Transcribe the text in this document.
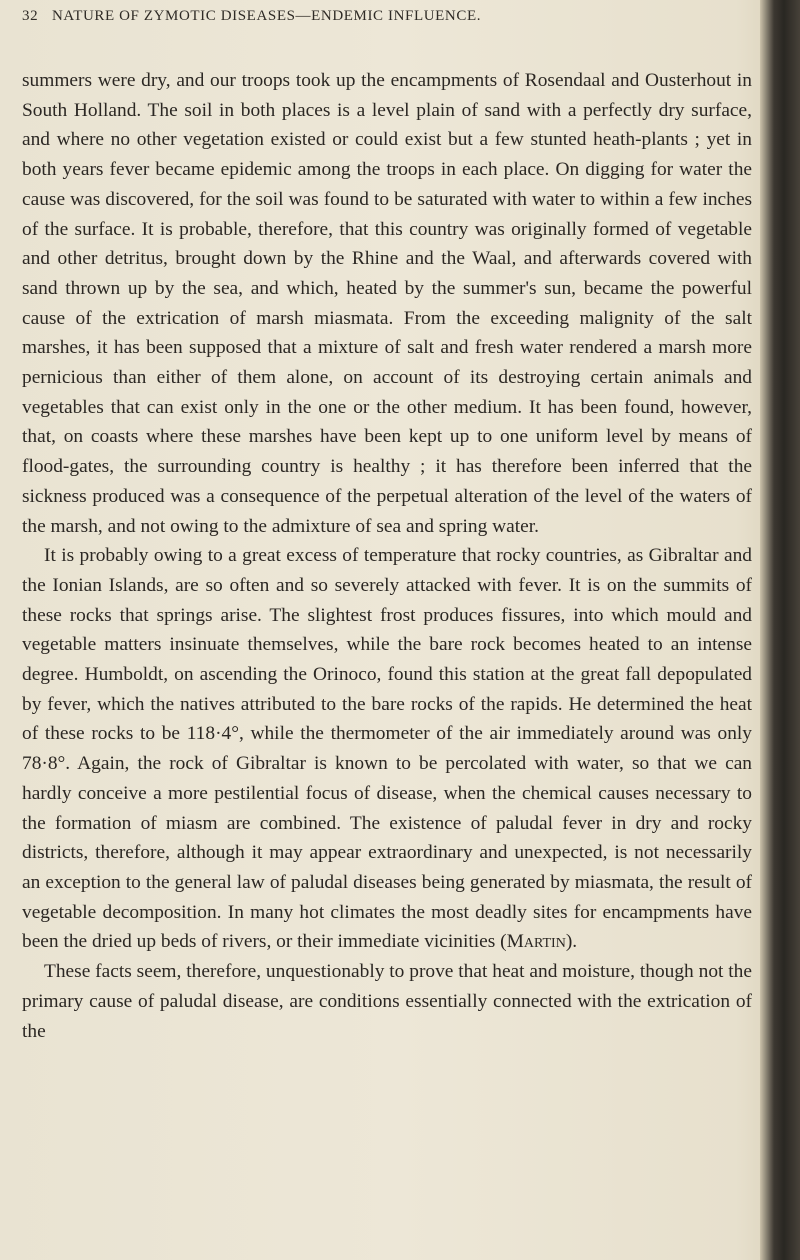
32 NATURE OF ZYMOTIC DISEASES—ENDEMIC INFLUENCE.

summers were dry, and our troops took up the encampments of Rosendaal and Ousterhout in South Holland. The soil in both places is a level plain of sand with a perfectly dry surface, and where no other vegetation existed or could exist but a few stunted heath-plants ; yet in both years fever became epidemic among the troops in each place. On digging for water the cause was discovered, for the soil was found to be saturated with water to within a few inches of the surface. It is probable, therefore, that this country was originally formed of vegetable and other detritus, brought down by the Rhine and the Waal, and afterwards covered with sand thrown up by the sea, and which, heated by the summer's sun, became the powerful cause of the extrication of marsh miasmata. From the exceeding malignity of the salt marshes, it has been supposed that a mixture of salt and fresh water rendered a marsh more pernicious than either of them alone, on account of its destroying certain animals and vegetables that can exist only in the one or the other medium. It has been found, however, that, on coasts where these marshes have been kept up to one uniform level by means of flood-gates, the surrounding country is healthy ; it has therefore been inferred that the sickness produced was a consequence of the perpetual alteration of the level of the waters of the marsh, and not owing to the admixture of sea and spring water.

It is probably owing to a great excess of temperature that rocky countries, as Gibraltar and the Ionian Islands, are so often and so severely attacked with fever. It is on the summits of these rocks that springs arise. The slightest frost produces fissures, into which mould and vegetable matters insinuate themselves, while the bare rock becomes heated to an intense degree. Humboldt, on ascending the Orinoco, found this station at the great fall depopulated by fever, which the natives attributed to the bare rocks of the rapids. He determined the heat of these rocks to be 118·4°, while the thermometer of the air immediately around was only 78·8°. Again, the rock of Gibraltar is known to be percolated with water, so that we can hardly conceive a more pestilential focus of disease, when the chemical causes necessary to the formation of miasm are combined. The existence of paludal fever in dry and rocky districts, therefore, although it may appear extraordinary and unexpected, is not necessarily an exception to the general law of paludal diseases being generated by miasmata, the result of vegetable decomposition. In many hot climates the most deadly sites for encampments have been the dried up beds of rivers, or their immediate vicinities (Martin).

These facts seem, therefore, unquestionably to prove that heat and moisture, though not the primary cause of paludal disease, are conditions essentially connected with the extrication of the
